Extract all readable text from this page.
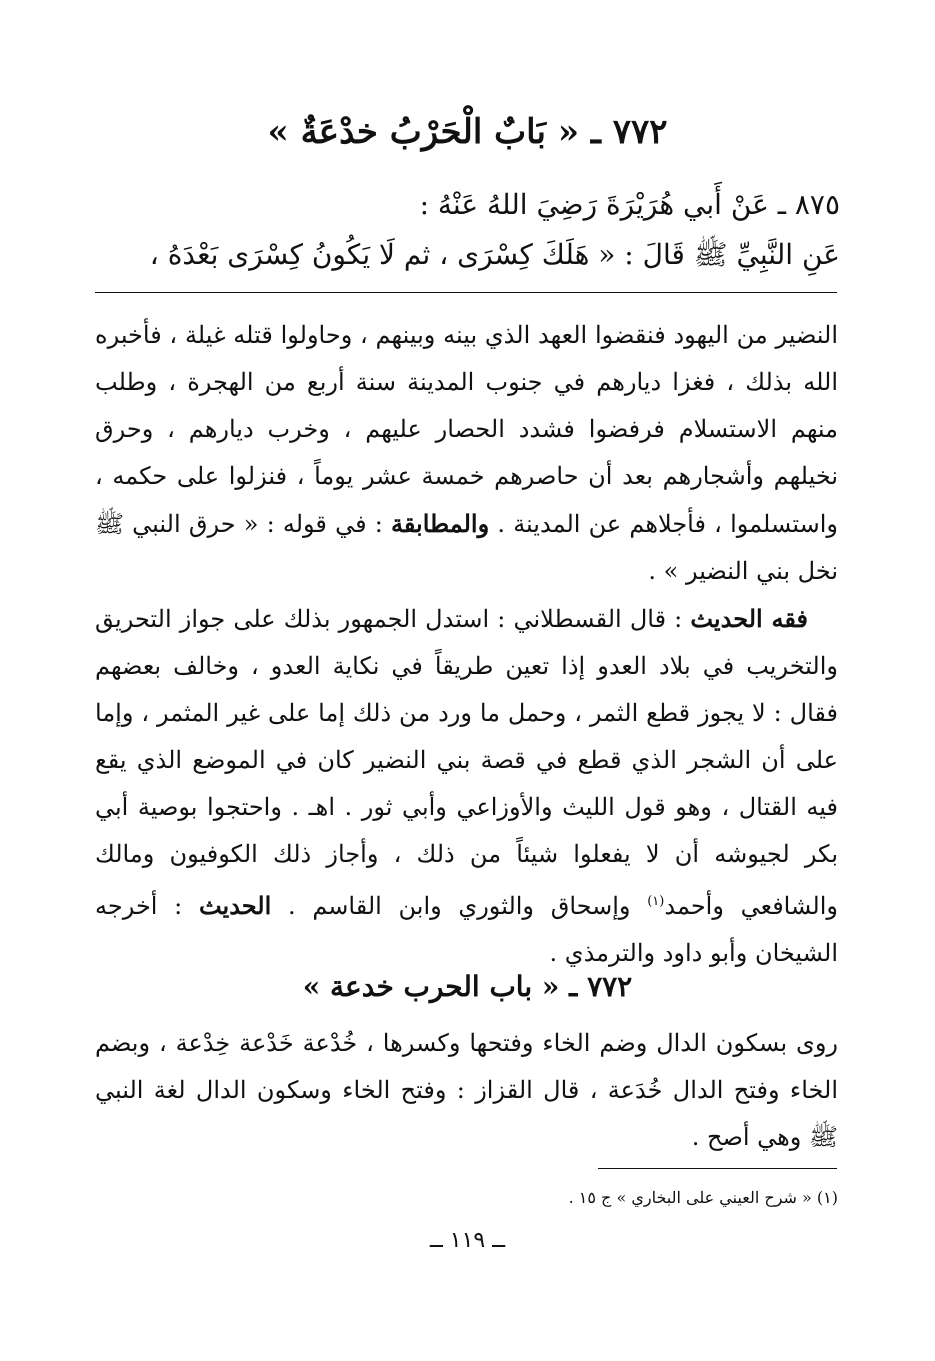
٧٧٢ ـ « بَابٌ الْحَرْبُ خدْعَةٌ »
٨٧٥ ـ عَنْ أَبي هُرَيْرَةَ رَضِيَ اللهُ عَنْهُ :
عَنِ النَّبِيِّ ﷺ قَالَ : « هَلَكَ كِسْرَى ، ثم لَا يَكُونُ كِسْرَى بَعْدَهُ ،

النضير من اليهود فنقضوا العهد الذي بينه وبينهم ، وحاولوا قتله غيلة ، فأخبره الله بذلك ، فغزا ديارهم في جنوب المدينة سنة أربع من الهجرة ، وطلب منهم الاستسلام فرفضوا فشدد الحصار عليهم ، وخرب ديارهم ، وحرق نخيلهم وأشجارهم بعد أن حاصرهم خمسة عشر يوماً ، فنزلوا على حكمه ، واستسلموا ، فأجلاهم عن المدينة . والمطابقة : في قوله : « حرق النبي ﷺ نخل بني النضير » .

فقه الحديث : قال القسطلاني : استدل الجمهور بذلك على جواز التحريق والتخريب في بلاد العدو إذا تعين طريقاً في نكاية العدو ، وخالف بعضهم فقال : لا يجوز قطع الثمر ، وحمل ما ورد من ذلك إما على غير المثمر ، وإما على أن الشجر الذي قطع في قصة بني النضير كان في الموضع الذي يقع فيه القتال ، وهو قول الليث والأوزاعي وأبي ثور . اهـ . واحتجوا بوصية أبي بكر لجيوشه أن لا يفعلوا شيئاً من ذلك ، وأجاز ذلك الكوفيون ومالك والشافعي وأحمد$^{(١)}$ وإسحاق والثوري وابن القاسم . الحديث : أخرجه الشيخان وأبو داود والترمذي .

٧٧٢ ـ « باب الحرب خدعة »

روى بسكون الدال وضم الخاء وفتحها وكسرها ، خُدْعة خَدْعة خِدْعة ، وبضم الخاء وفتح الدال خُدَعة ، قال القزاز : وفتح الخاء وسكون الدال لغة النبي ﷺ وهي أصح .

(١) « شرح العيني على البخاري » ج ١٥ .
ــ ١١٩ ــ
